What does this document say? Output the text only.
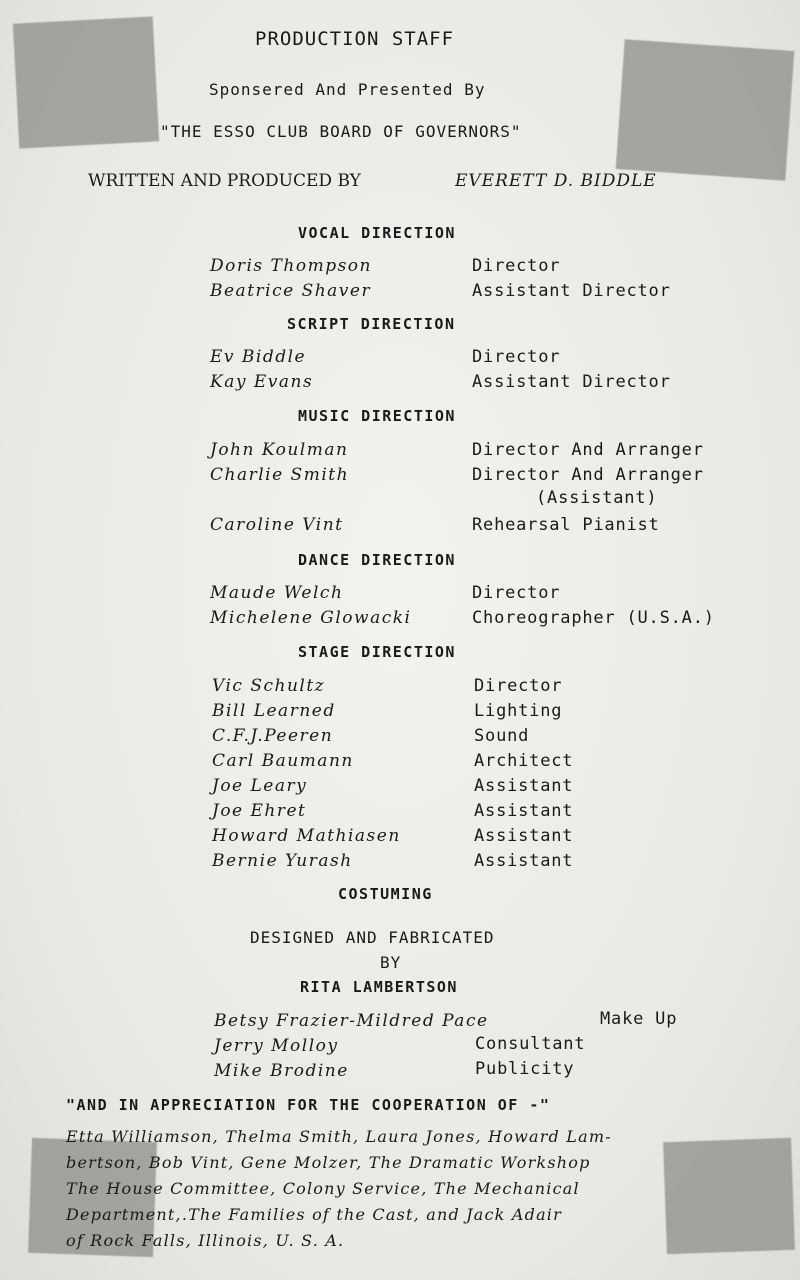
PRODUCTION STAFF
Sponsered And Presented By
"THE ESSO CLUB BOARD OF GOVERNORS"
WRITTEN AND PRODUCED BY	EVERETT D. BIDDLE
VOCAL DIRECTION
Doris Thompson	Director
Beatrice Shaver	Assistant Director
SCRIPT DIRECTION
Ev Biddle	Director
Kay Evans	Assistant Director
MUSIC DIRECTION
John Koulman	Director And Arranger
Charlie Smith	Director And Arranger
(Assistant)
Caroline Vint	Rehearsal Pianist
DANCE DIRECTION
Maude Welch	Director
Michelene Glowacki	Choreographer (U.S.A.)
STAGE DIRECTION
Vic Schultz	Director
Bill Learned	Lighting
C.F.J.Peeren	Sound
Carl Baumann	Architect
Joe Leary	Assistant
Joe Ehret	Assistant
Howard Mathiasen	Assistant
Bernie Yurash	Assistant
COSTUMING
DESIGNED AND FABRICATED
BY
RITA LAMBERTSON
Betsy Frazier-Mildred Pace	Make Up
Jerry Molloy	Consultant
Mike Brodine	Publicity
"AND IN APPRECIATION FOR THE COOPERATION OF -"
Etta Williamson, Thelma Smith, Laura Jones, Howard Lam-
bertson, Bob Vint, Gene Molzer, The Dramatic Workshop
The House Committee, Colony Service, The Mechanical
Department,.The Families of the Cast, and Jack Adair
of Rock Falls, Illinois, U. S. A.
